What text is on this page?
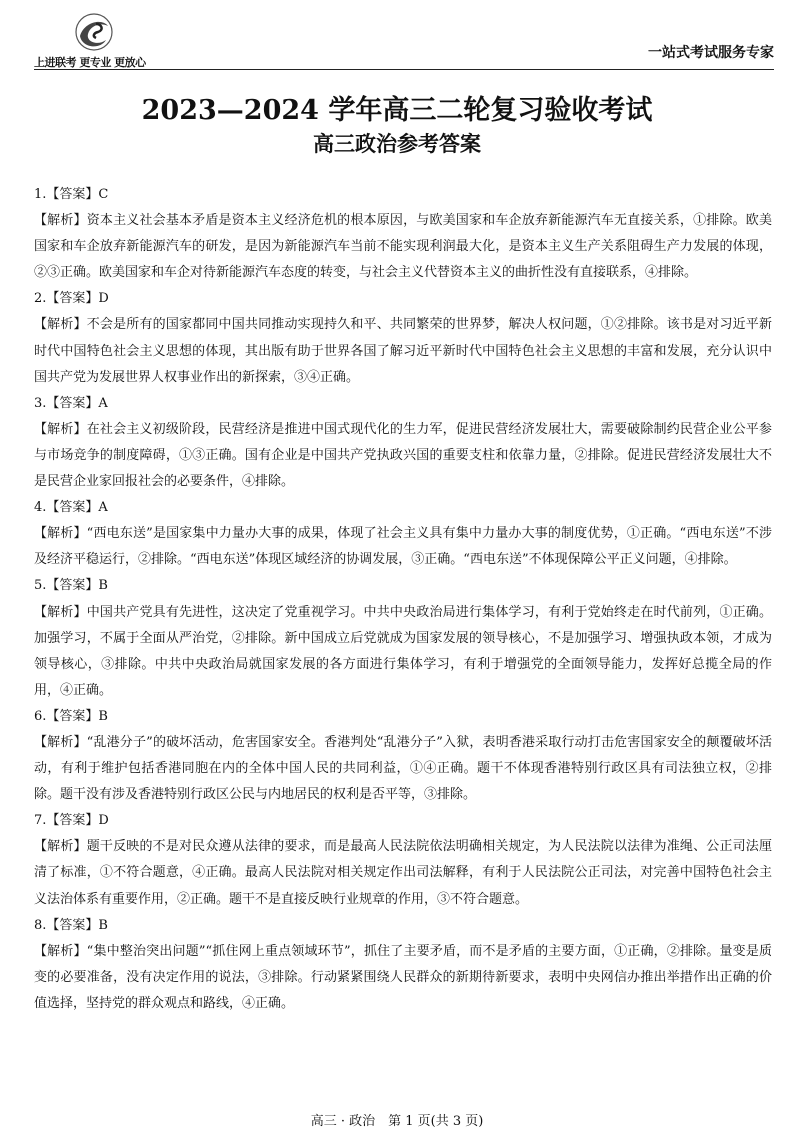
上进联考 更专业 更放心
一站式考试服务专家
2023—2024 学年高三二轮复习验收考试
高三政治参考答案
1.【答案】C

【解析】资本主义社会基本矛盾是资本主义经济危机的根本原因，与欧美国家和车企放弃新能源汽车无直接关系，①排除。欧美国家和车企放弃新能源汽车的研发，是因为新能源汽车当前不能实现利润最大化，是资本主义生产关系阻碍生产力发展的体现，②③正确。欧美国家和车企对待新能源汽车态度的转变，与社会主义代替资本主义的曲折性没有直接联系，④排除。

2.【答案】D

【解析】不会是所有的国家都同中国共同推动实现持久和平、共同繁荣的世界梦，解决人权问题，①②排除。该书是对习近平新时代中国特色社会主义思想的体现，其出版有助于世界各国了解习近平新时代中国特色社会主义思想的丰富和发展，充分认识中国共产党为发展世界人权事业作出的新探索，③④正确。

3.【答案】A

【解析】在社会主义初级阶段，民营经济是推进中国式现代化的生力军，促进民营经济发展壮大，需要破除制约民营企业公平参与市场竞争的制度障碍，①③正确。国有企业是中国共产党执政兴国的重要支柱和依靠力量，②排除。促进民营经济发展壮大不是民营企业家回报社会的必要条件，④排除。

4.【答案】A

【解析】“西电东送”是国家集中力量办大事的成果，体现了社会主义具有集中力量办大事的制度优势，①正确。“西电东送”不涉及经济平稳运行，②排除。“西电东送”体现区域经济的协调发展，③正确。“西电东送”不体现保障公平正义问题，④排除。

5.【答案】B

【解析】中国共产党具有先进性，这决定了党重视学习。中共中央政治局进行集体学习，有利于党始终走在时代前列，①正确。加强学习，不属于全面从严治党，②排除。新中国成立后党就成为国家发展的领导核心，不是加强学习、增强执政本领，才成为领导核心，③排除。中共中央政治局就国家发展的各方面进行集体学习，有利于增强党的全面领导能力，发挥好总揽全局的作用，④正确。

6.【答案】B

【解析】“乱港分子”的破坏活动，危害国家安全。香港判处“乱港分子”入狱，表明香港采取行动打击危害国家安全的颠覆破坏活动，有利于维护包括香港同胞在内的全体中国人民的共同利益，①④正确。题干不体现香港特别行政区具有司法独立权，②排除。题干没有涉及香港特别行政区公民与内地居民的权利是否平等，③排除。

7.【答案】D

【解析】题干反映的不是对民众遵从法律的要求，而是最高人民法院依法明确相关规定，为人民法院以法律为准绳、公正司法厘清了标准，①不符合题意，④正确。最高人民法院对相关规定作出司法解释，有利于人民法院公正司法，对完善中国特色社会主义法治体系有重要作用，②正确。题干不是直接反映行业规章的作用，③不符合题意。

8.【答案】B

【解析】“集中整治突出问题”“抓住网上重点领域环节”，抓住了主要矛盾，而不是矛盾的主要方面，①正确，②排除。量变是质变的必要准备，没有决定作用的说法，③排除。行动紧紧围绕人民群众的新期待新要求，表明中央网信办推出举措作出正确的价值选择，坚持党的群众观点和路线，④正确。

高三 · 政治　第 1 页(共 3 页)
